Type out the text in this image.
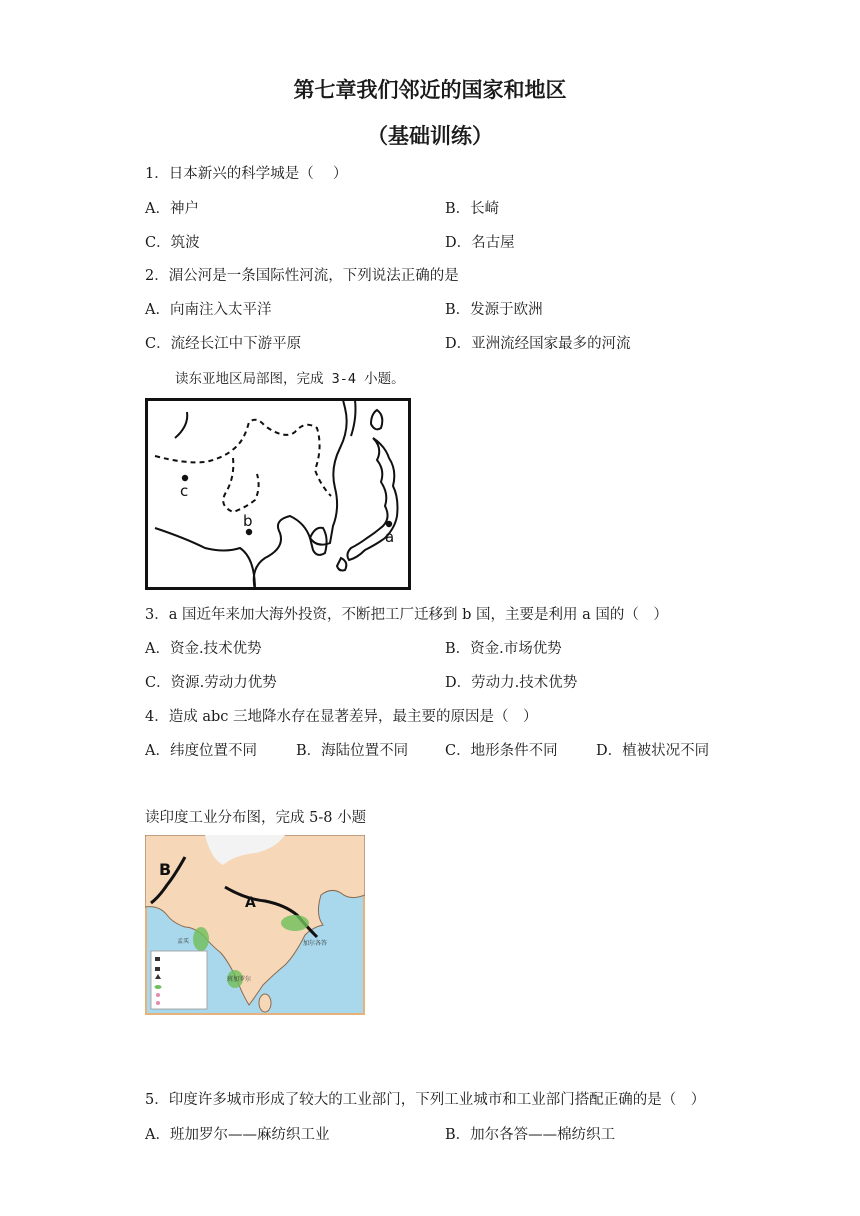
第七章我们邻近的国家和地区
（基础训练）
1．日本新兴的科学城是（　 ）
A．神户	B．长崎
C．筑波	D．名古屋
2．湄公河是一条国际性河流，下列说法正确的是
A．向南注入太平洋	B．发源于欧洲
C．流经长江中下游平原	D．亚洲流经国家最多的河流
读东亚地区局部图，完成 3-4 小题。
c
b
a
3．a 国近年来加大海外投资，不断把工厂迁移到 b 国，主要是利用 a 国的（　）
A．资金.技术优势	B．资金.市场优势
C．资源.劳动力优势	D．劳动力.技术优势
4．造成 abc 三地降水存在显著差异，最主要的原因是（　）
A．纬度位置不同	B．海陆位置不同	C．地形条件不同	D．植被状况不同
读印度工业分布图，完成 5-8 小题
B
A
加尔各答
孟买
班加罗尔
5．印度许多城市形成了较大的工业部门，下列工业城市和工业部门搭配正确的是（　）
A．班加罗尔——麻纺织工业	B．加尔各答——棉纺织工
